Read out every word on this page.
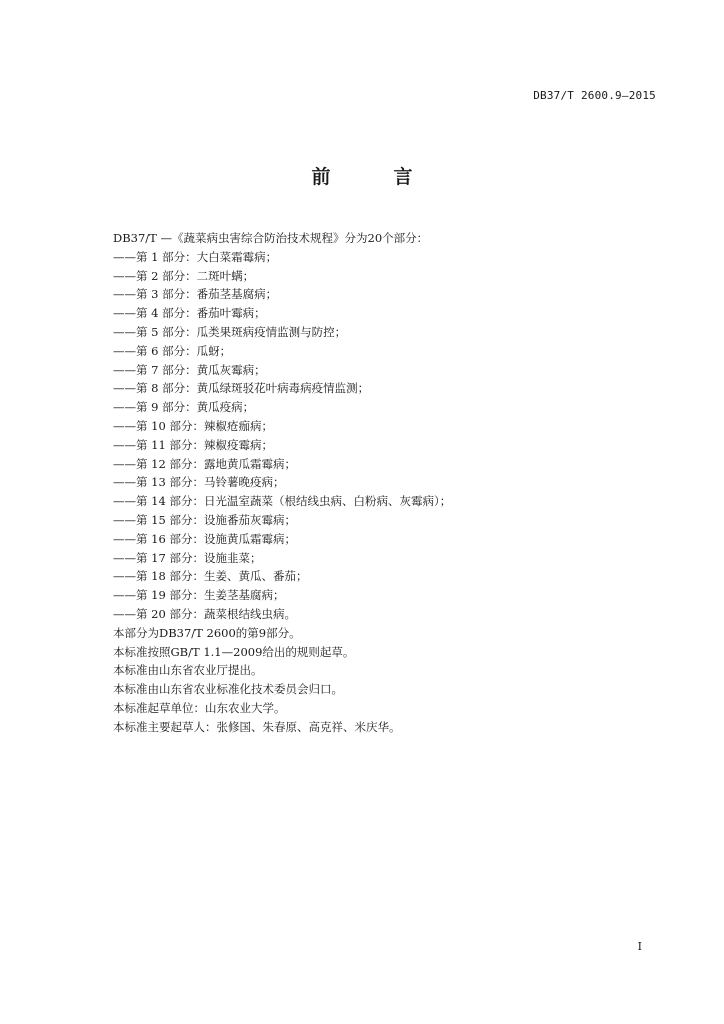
DB37/T 2600.9—2015
前　言
DB37/T —《蔬菜病虫害综合防治技术规程》分为20个部分：
——第 1 部分：大白菜霜霉病；
——第 2 部分：二斑叶螨；
——第 3 部分：番茄茎基腐病；
——第 4 部分：番茄叶霉病；
——第 5 部分：瓜类果斑病疫情监测与防控；
——第 6 部分：瓜蚜；
——第 7 部分：黄瓜灰霉病；
——第 8 部分：黄瓜绿斑驳花叶病毒病疫情监测；
——第 9 部分：黄瓜疫病；
——第 10 部分：辣椒疮痂病；
——第 11 部分：辣椒疫霉病；
——第 12 部分：露地黄瓜霜霉病；
——第 13 部分：马铃薯晚疫病；
——第 14 部分：日光温室蔬菜（根结线虫病、白粉病、灰霉病）；
——第 15 部分：设施番茄灰霉病；
——第 16 部分：设施黄瓜霜霉病；
——第 17 部分：设施韭菜；
——第 18 部分：生姜、黄瓜、番茄；
——第 19 部分：生姜茎基腐病；
——第 20 部分：蔬菜根结线虫病。
本部分为DB37/T 2600的第9部分。
本标准按照GB/T 1.1—2009给出的规则起草。
本标准由山东省农业厅提出。
本标准由山东省农业标准化技术委员会归口。
本标准起草单位：山东农业大学。
本标准主要起草人：张修国、朱春原、高克祥、米庆华。
I
